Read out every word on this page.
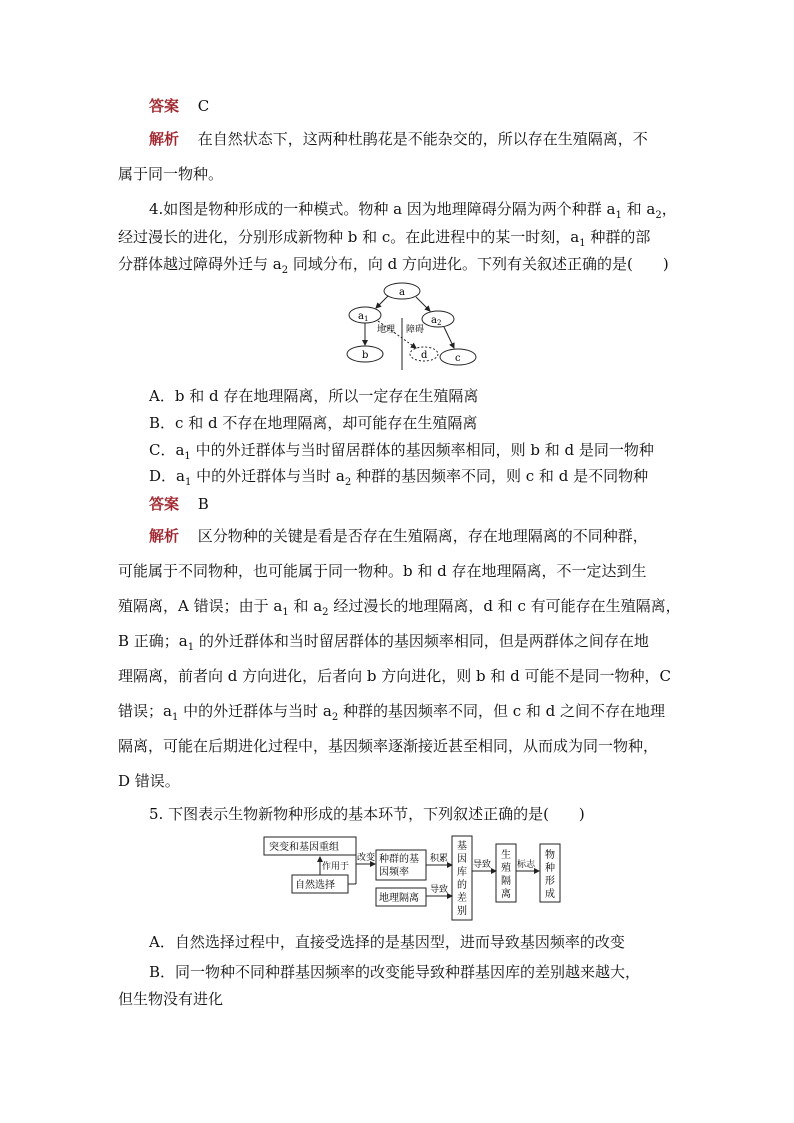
答案 C
解析 在自然状态下，这两种杜鹃花是不能杂交的，所以存在生殖隔离，不
属于同一物种。
4.如图是物种形成的一种模式。物种 a 因为地理障碍分隔为两个种群 $a_1$ 和 $a_2$，
经过漫长的进化，分别形成新物种 b 和 c。在此进程中的某一时刻，$a_1$ 种群的部
分群体越过障碍外迁与 $a_2$ 同域分布，向 d 方向进化。下列有关叙述正确的是(　　)
a
$a_1$	$a_2$
b	d	c
地理 障碍
A．b 和 d 存在地理隔离，所以一定存在生殖隔离
B．c 和 d 不存在地理隔离，却可能存在生殖隔离
C．$a_1$ 中的外迁群体与当时留居群体的基因频率相同，则 b 和 d 是同一物种
D．$a_1$ 中的外迁群体与当时 $a_2$ 种群的基因频率不同，则 c 和 d 是不同物种
答案 B
解析 区分物种的关键是看是否存在生殖隔离，存在地理隔离的不同种群，
可能属于不同物种，也可能属于同一物种。b 和 d 存在地理隔离，不一定达到生
殖隔离，A 错误；由于 $a_1$ 和 $a_2$ 经过漫长的地理隔离，d 和 c 有可能存在生殖隔离，
B 正确；$a_1$ 的外迁群体和当时留居群体的基因频率相同，但是两群体之间存在地
理隔离，前者向 d 方向进化，后者向 b 方向进化，则 b 和 d 可能不是同一物种，C
错误；$a_1$ 中的外迁群体与当时 $a_2$ 种群的基因频率不同，但 c 和 d 之间不存在地理
隔离，可能在后期进化过程中，基因频率逐渐接近甚至相同，从而成为同一物种，
D 错误。
5. 下图表示生物新物种形成的基本环节，下列叙述正确的是(　　)
突变和基因重组
自然选择
作用于
改变 种群的基
因频率
积累
地理隔离
导致
基 因 库 的 差 别
导致
生 殖 隔 离
标志
物 种 形 成
A．自然选择过程中，直接受选择的是基因型，进而导致基因频率的改变
B．同一物种不同种群基因频率的改变能导致种群基因库的差别越来越大，
但生物没有进化
